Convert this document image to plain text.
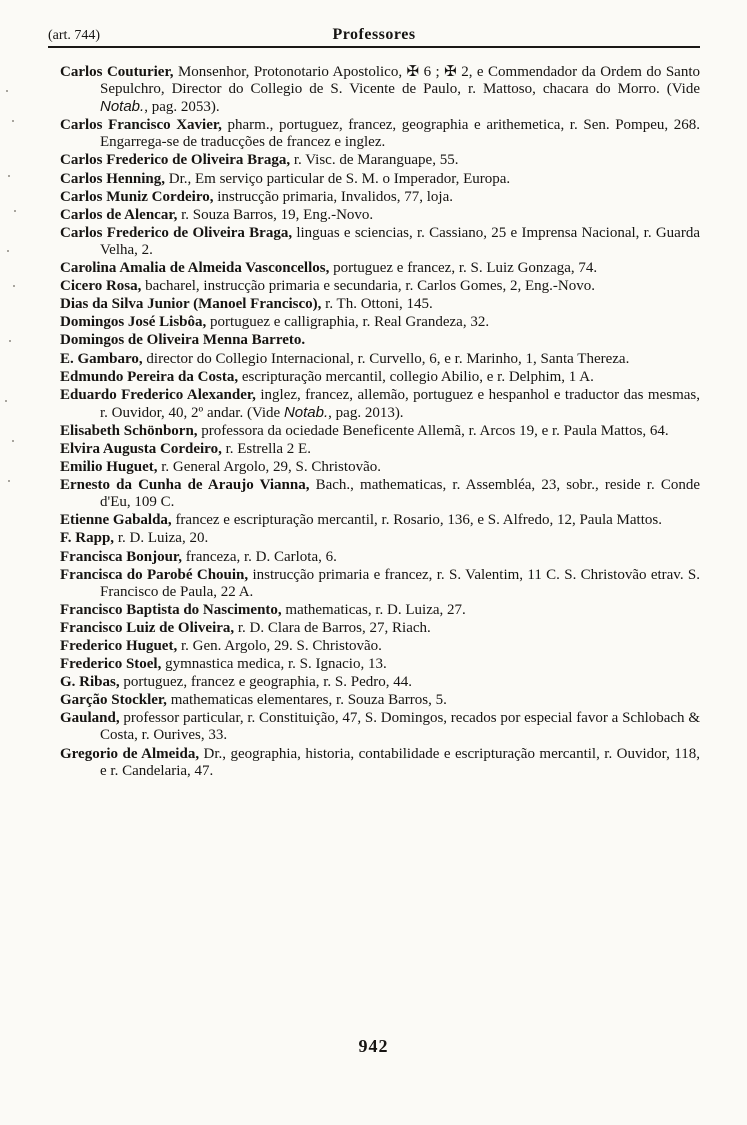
(art. 744)	Professores

Carlos Couturier, Monsenhor, Protonotario Apostolico, ✠ 6 ; ✠ 2, e Commendador da Ordem do Santo Sepulchro, Director do Collegio de S. Vicente de Paulo, r. Mattoso, chacara do Morro. (Vide Notab., pag. 2053).

Carlos Francisco Xavier, pharm., portuguez, francez, geographia e arithemetica, r. Sen. Pompeu, 268. Engarrega-se de traducções de francez e inglez.

Carlos Frederico de Oliveira Braga, r. Visc. de Maranguape, 55.

Carlos Henning, Dr., Em serviço particular de S. M. o Imperador, Europa.

Carlos Muniz Cordeiro, instrucção primaria, Invalidos, 77, loja.

Carlos de Alencar, r. Souza Barros, 19, Eng.-Novo.

Carlos Frederico de Oliveira Braga, linguas e sciencias, r. Cassiano, 25 e Imprensa Nacional, r. Guarda Velha, 2.

Carolina Amalia de Almeida Vasconcellos, portuguez e francez, r. S. Luiz Gonzaga, 74.

Cicero Rosa, bacharel, instrucção primaria e secundaria, r. Carlos Gomes, 2, Eng.-Novo.

Dias da Silva Junior (Manoel Francisco), r. Th. Ottoni, 145.

Domingos José Lisbôa, portuguez e calligraphia, r. Real Grandeza, 32.

Domingos de Oliveira Menna Barreto.

E. Gambaro, director do Collegio Internacional, r. Curvello, 6, e r. Marinho, 1, Santa Thereza.

Edmundo Pereira da Costa, escripturação mercantil, collegio Abilio, e r. Delphim, 1 A.

Eduardo Frederico Alexander, inglez, francez, allemão, portuguez e hespanhol e traductor das mesmas, r. Ouvidor, 40, 2º andar. (Vide Notab., pag. 2013).

Elisabeth Schönborn, professora da ociedade Beneficente Allemã, r. Arcos 19, e r. Paula Mattos, 64.

Elvira Augusta Cordeiro, r. Estrella 2 E.

Emilio Huguet, r. General Argolo, 29, S. Christovão.

Ernesto da Cunha de Araujo Vianna, Bach., mathematicas, r. Assembléa, 23, sobr., reside r. Conde d'Eu, 109 C.

Etienne Gabalda, francez e escripturação mercantil, r. Rosario, 136, e S. Alfredo, 12, Paula Mattos.

F. Rapp, r. D. Luiza, 20.

Francisca Bonjour, franceza, r. D. Carlota, 6.

Francisca do Parobé Chouin, instrucção primaria e francez, r. S. Valentim, 11 C. S. Christovão etrav. S. Francisco de Paula, 22 A.

Francisco Baptista do Nascimento, mathematicas, r. D. Luiza, 27.

Francisco Luiz de Oliveira, r. D. Clara de Barros, 27, Riach.

Frederico Huguet, r. Gen. Argolo, 29. S. Christovão.

Frederico Stoel, gymnastica medica, r. S. Ignacio, 13.

G. Ribas, portuguez, francez e geographia, r. S. Pedro, 44.

Garção Stockler, mathematicas elementares, r. Souza Barros, 5.

Gauland, professor particular, r. Constituição, 47, S. Domingos, recados por especial favor a Schlobach & Costa, r. Ourives, 33.

Gregorio de Almeida, Dr., geographia, historia, contabilidade e escripturação mercantil, r. Ouvidor, 118, e r. Candelaria, 47.

942
